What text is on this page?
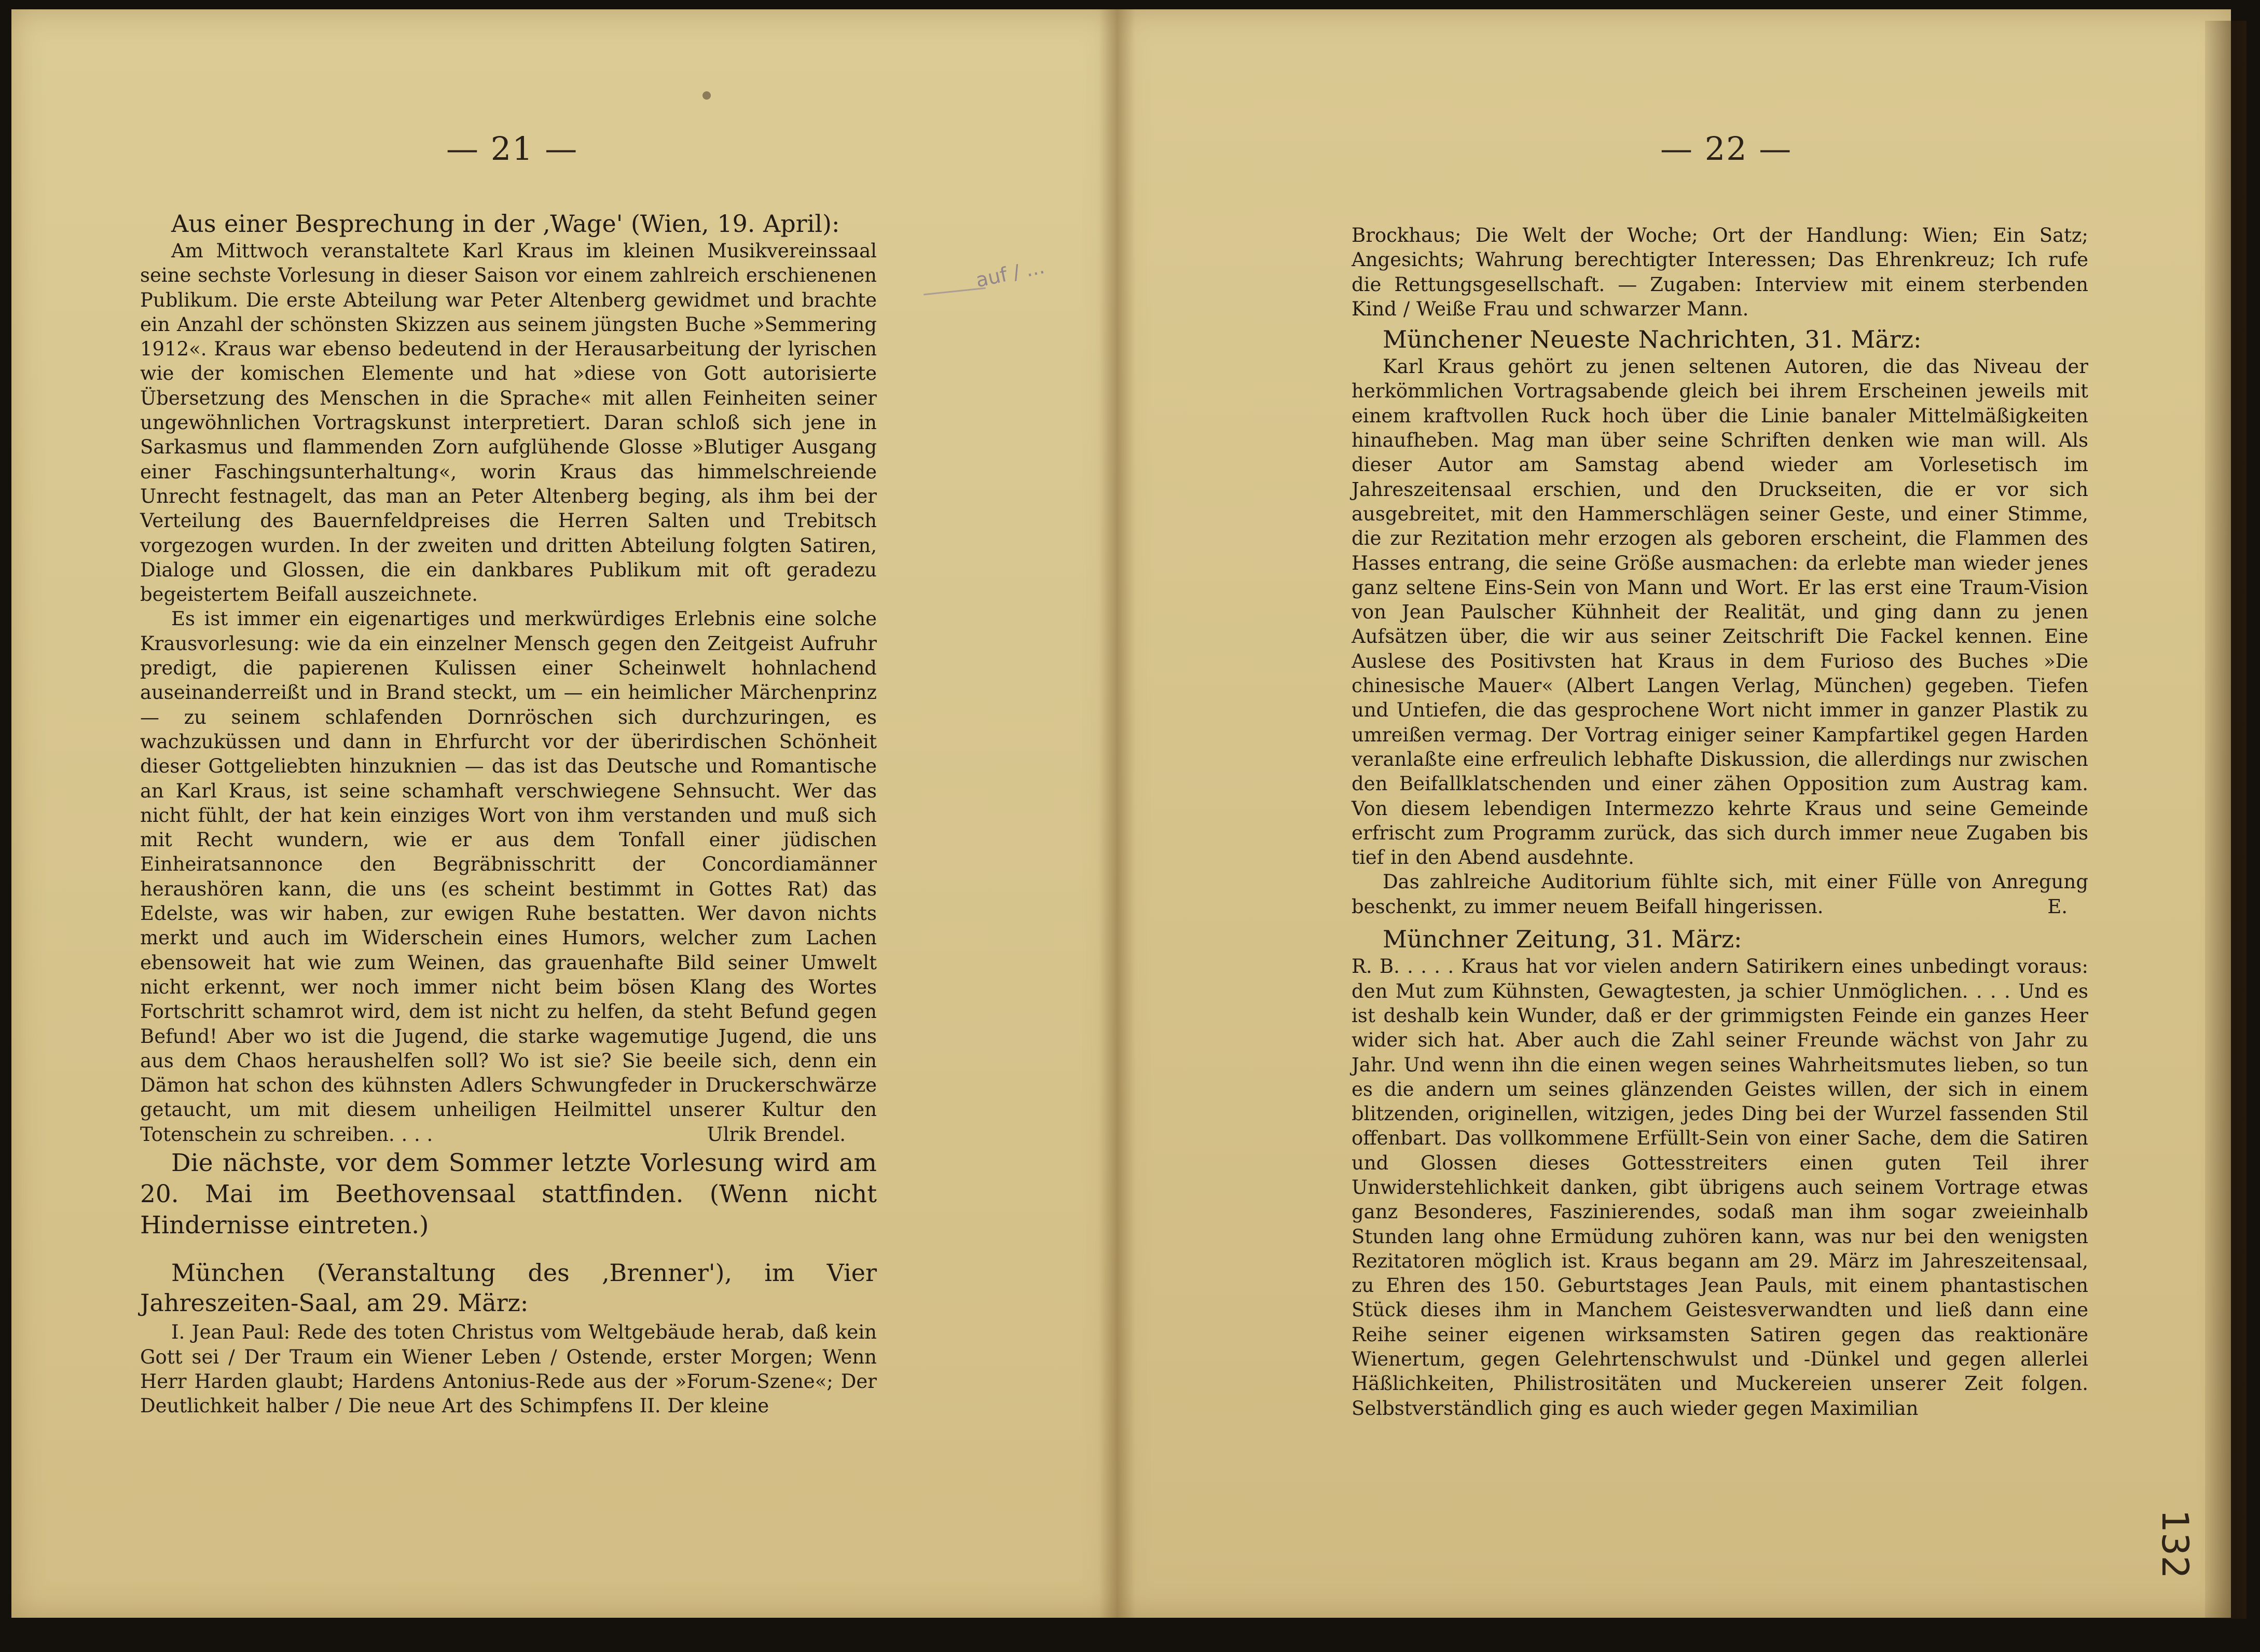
— 21 —	— 22 —

Aus einer Besprechung in der ‚Wage' (Wien, 19. April):

Am Mittwoch veranstaltete Karl Kraus im kleinen Musikvereinssaal seine sechste Vorlesung in dieser Saison vor einem zahlreich erschienenen Publikum. Die erste Abteilung war Peter Altenberg gewidmet und brachte ein Anzahl der schönsten Skizzen aus seinem jüngsten Buche »Semmering 1912«. Kraus war ebenso bedeutend in der Herausarbeitung der lyrischen wie der komischen Elemente und hat »diese von Gott autorisierte Übersetzung des Menschen in die Sprache« mit allen Feinheiten seiner ungewöhnlichen Vortragskunst interpretiert. Daran schloß sich jene in Sarkasmus und flammenden Zorn aufglühende Glosse »Blutiger Ausgang einer Faschingsunterhaltung«, worin Kraus das himmelschreiende Unrecht festnagelt, das man an Peter Altenberg beging, als ihm bei der Verteilung des Bauernfeldpreises die Herren Salten und Trebitsch vorgezogen wurden. In der zweiten und dritten Abteilung folgten Satiren, Dialoge und Glossen, die ein dankbares Publikum mit oft geradezu begeistertem Beifall auszeichnete.

Es ist immer ein eigenartiges und merkwürdiges Erlebnis eine solche Krausvorlesung: wie da ein einzelner Mensch gegen den Zeitgeist Aufruhr predigt, die papierenen Kulissen einer Scheinwelt hohnlachend auseinanderreißt und in Brand steckt, um — ein heimlicher Märchenprinz — zu seinem schlafenden Dornröschen sich durchzuringen, es wachzuküssen und dann in Ehrfurcht vor der überirdischen Schönheit dieser Gottgeliebten hinzuknien — das ist das Deutsche und Romantische an Karl Kraus, ist seine schamhaft verschwiegene Sehnsucht. Wer das nicht fühlt, der hat kein einziges Wort von ihm verstanden und muß sich mit Recht wundern, wie er aus dem Tonfall einer jüdischen Einheiratsannonce den Begräbnisschritt der Concordiamänner heraushören kann, die uns (es scheint bestimmt in Gottes Rat) das Edelste, was wir haben, zur ewigen Ruhe bestatten. Wer davon nichts merkt und auch im Widerschein eines Humors, welcher zum Lachen ebensoweit hat wie zum Weinen, das grauenhafte Bild seiner Umwelt nicht erkennt, wer noch immer nicht beim bösen Klang des Wortes Fortschritt schamrot wird, dem ist nicht zu helfen, da steht Befund gegen Befund! Aber wo ist die Jugend, die starke wagemutige Jugend, die uns aus dem Chaos heraushelfen soll? Wo ist sie? Sie beeile sich, denn ein Dämon hat schon des kühnsten Adlers Schwungfeder in Druckerschwärze getaucht, um mit diesem unheiligen Heilmittel unserer Kultur den Totenschein zu schreiben. . . .	Ulrik Brendel.

Die nächste, vor dem Sommer letzte Vorlesung wird am 20. Mai im Beethovensaal stattfinden. (Wenn nicht Hindernisse eintreten.)

München (Veranstaltung des ‚Brenner'), im Vier Jahreszeiten-Saal, am 29. März:

I. Jean Paul: Rede des toten Christus vom Weltgebäude herab, daß kein Gott sei / Der Traum ein Wiener Leben / Ostende, erster Morgen; Wenn Herr Harden glaubt; Hardens Antonius-Rede aus der »Forum-Szene«; Der Deutlichkeit halber / Die neue Art des Schimpfens II. Der kleine

auf / ...

Brockhaus; Die Welt der Woche; Ort der Handlung: Wien; Ein Satz; Angesichts; Wahrung berechtigter Interessen; Das Ehrenkreuz; Ich rufe die Rettungsgesellschaft. — Zugaben: Interview mit einem sterbenden Kind / Weiße Frau und schwarzer Mann.

Münchener Neueste Nachrichten, 31. März:

Karl Kraus gehört zu jenen seltenen Autoren, die das Niveau der herkömmlichen Vortragsabende gleich bei ihrem Erscheinen jeweils mit einem kraftvollen Ruck hoch über die Linie banaler Mittelmäßigkeiten hinaufheben. Mag man über seine Schriften denken wie man will. Als dieser Autor am Samstag abend wieder am Vorlesetisch im Jahreszeitensaal erschien, und den Druckseiten, die er vor sich ausgebreitet, mit den Hammerschlägen seiner Geste, und einer Stimme, die zur Rezitation mehr erzogen als geboren erscheint, die Flammen des Hasses entrang, die seine Größe ausmachen: da erlebte man wieder jenes ganz seltene Eins-Sein von Mann und Wort. Er las erst eine Traum-Vision von Jean Paulscher Kühnheit der Realität, und ging dann zu jenen Aufsätzen über, die wir aus seiner Zeitschrift Die Fackel kennen. Eine Auslese des Positivsten hat Kraus in dem Furioso des Buches »Die chinesische Mauer« (Albert Langen Verlag, München) gegeben. Tiefen und Untiefen, die das gesprochene Wort nicht immer in ganzer Plastik zu umreißen vermag. Der Vortrag einiger seiner Kampfartikel gegen Harden veranlaßte eine erfreulich lebhafte Diskussion, die allerdings nur zwischen den Beifallklatschenden und einer zähen Opposition zum Austrag kam. Von diesem lebendigen Intermezzo kehrte Kraus und seine Gemeinde erfrischt zum Programm zurück, das sich durch immer neue Zugaben bis tief in den Abend ausdehnte.

Das zahlreiche Auditorium fühlte sich, mit einer Fülle von Anregung beschenkt, zu immer neuem Beifall hingerissen.	E.

Münchner Zeitung, 31. März:

R. B. . . . . Kraus hat vor vielen andern Satirikern eines unbedingt voraus: den Mut zum Kühnsten, Gewagtesten, ja schier Unmöglichen. . . . Und es ist deshalb kein Wunder, daß er der grimmigsten Feinde ein ganzes Heer wider sich hat. Aber auch die Zahl seiner Freunde wächst von Jahr zu Jahr. Und wenn ihn die einen wegen seines Wahrheitsmutes lieben, so tun es die andern um seines glänzenden Geistes willen, der sich in einem blitzenden, originellen, witzigen, jedes Ding bei der Wurzel fassenden Stil offenbart. Das vollkommene Erfüllt-Sein von einer Sache, dem die Satiren und Glossen dieses Gottesstreiters einen guten Teil ihrer Unwiderstehlichkeit danken, gibt übrigens auch seinem Vortrage etwas ganz Besonderes, Faszinierendes, sodaß man ihm sogar zweieinhalb Stunden lang ohne Ermüdung zuhören kann, was nur bei den wenigsten Rezitatoren möglich ist. Kraus begann am 29. März im Jahreszeitensaal, zu Ehren des 150. Geburtstages Jean Pauls, mit einem phantastischen Stück dieses ihm in Manchem Geistesverwandten und ließ dann eine Reihe seiner eigenen wirksamsten Satiren gegen das reaktionäre Wienertum, gegen Gelehrtenschwulst und -Dünkel und gegen allerlei Häßlichkeiten, Philistrositäten und Muckereien unserer Zeit folgen. Selbstverständlich ging es auch wieder gegen Maximilian

132
